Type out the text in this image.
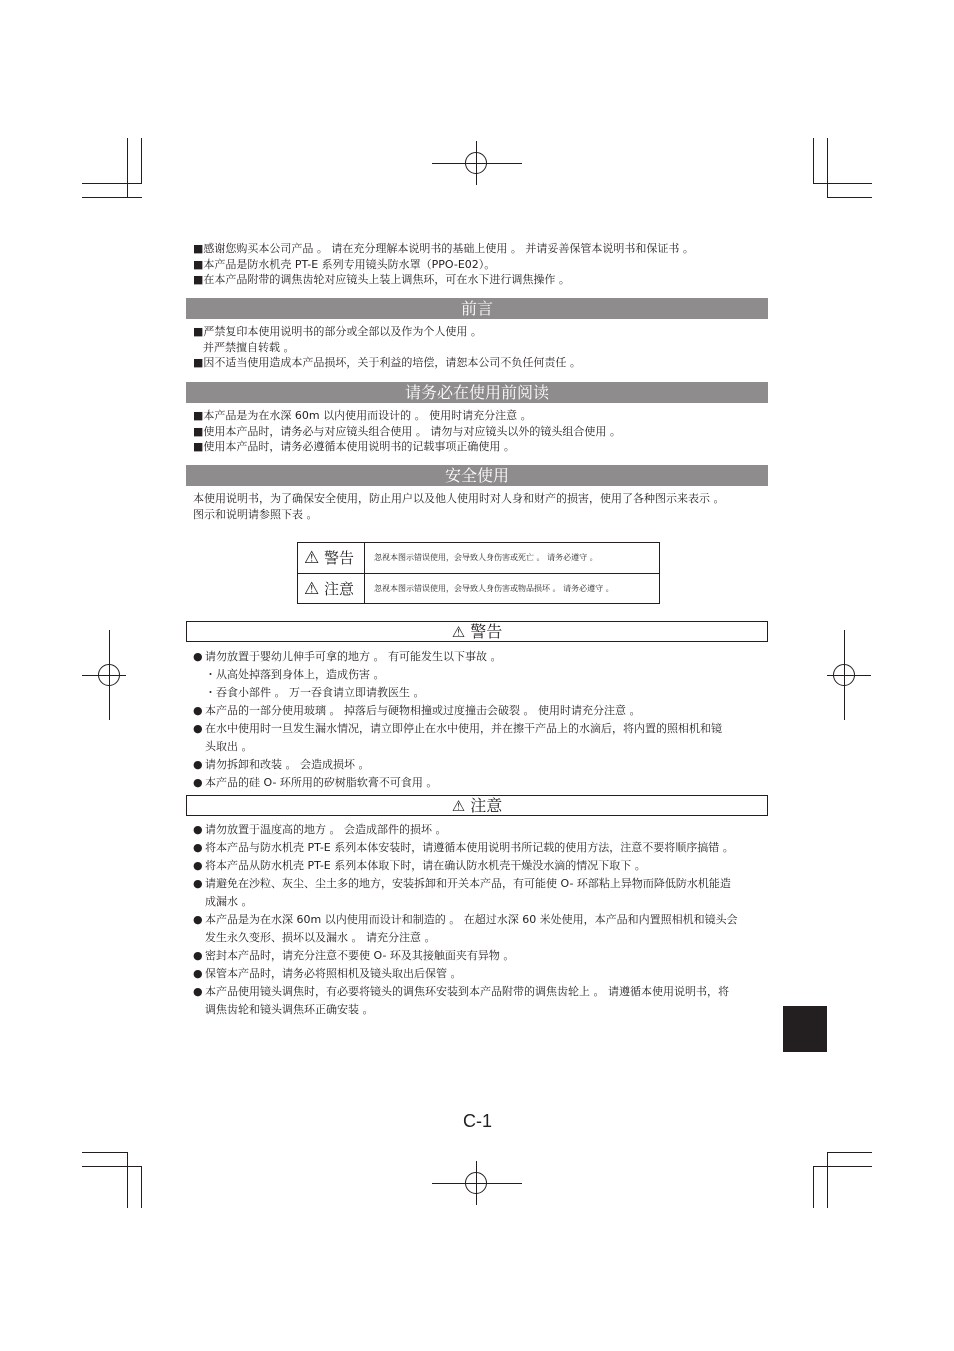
■感谢您购买本公司产品 。 请在充分理解本说明书的基础上使用 。 并请妥善保管本说明书和保证书 。

■本产品是防水机壳 PT-E 系列专用镜头防水罩（PPO-E02）。

■在本产品附带的调焦齿轮对应镜头上装上调焦环，可在水下进行调焦操作 。

前言

■严禁复印本使用说明书的部分或全部以及作为个人使用 。

并严禁擅自转载 。

■因不适当使用造成本产品损坏，关于利益的培偿，请恕本公司不负任何责任 。

请务必在使用前阅读

■本产品是为在水深 60m 以内使用而设计的 。 使用时请充分注意 。

■使用本产品时，请务必与对应镜头组合使用 。 请勿与对应镜头以外的镜头组合使用 。

■使用本产品时，请务必遵循本使用说明书的记载事项正确使用 。

安全使用

本使用说明书，为了确保安全使用，防止用户以及他人使用时对人身和财产的损害，使用了各种图示来表示 。

图示和说明请参照下表 。

⚠ 警告	忽视本图示错误使用，会导致人身伤害或死亡 。 请务必遵守 。
⚠ 注意	忽视本图示错误使用，会导致人身伤害或物品损坏 。 请务必遵守 。
⚠ 警告
● 请勿放置于婴幼儿伸手可拿的地方 。 有可能发生以下事故 。
・从高处掉落到身体上，造成伤害 。
・吞食小部件 。 万一吞食请立即请教医生 。
● 本产品的一部分使用玻璃 。 掉落后与硬物相撞或过度撞击会破裂 。 使用时请充分注意 。
● 在水中使用时一旦发生漏水情况，请立即停止在水中使用，并在擦干产品上的水滴后，将内置的照相机和镜
头取出 。
● 请勿拆卸和改装 。 会造成损坏 。
● 本产品的硅 O- 环所用的矽树脂软膏不可食用 。
⚠ 注意
● 请勿放置于温度高的地方 。 会造成部件的损坏 。
● 将本产品与防水机壳 PT-E 系列本体安装时，请遵循本使用说明书所记载的使用方法，注意不要将顺序搞错 。
● 将本产品从防水机壳 PT-E 系列本体取下时，请在确认防水机壳干燥没水滴的情况下取下 。
● 请避免在沙粒、灰尘、尘土多的地方，安装拆卸和开关本产品，有可能使 O- 环部粘上异物而降低防水机能造
成漏水 。
● 本产品是为在水深 60m 以内使用而设计和制造的 。 在超过水深 60 米处使用，本产品和内置照相机和镜头会
发生永久变形、损坏以及漏水 。 请充分注意 。
● 密封本产品时，请充分注意不要使 O- 环及其接触面夹有异物 。
● 保管本产品时，请务必将照相机及镜头取出后保管 。
● 本产品使用镜头调焦时，有必要将镜头的调焦环安装到本产品附带的调焦齿轮上 。 请遵循本使用说明书，将
调焦齿轮和镜头调焦环正确安装 。
C-1
